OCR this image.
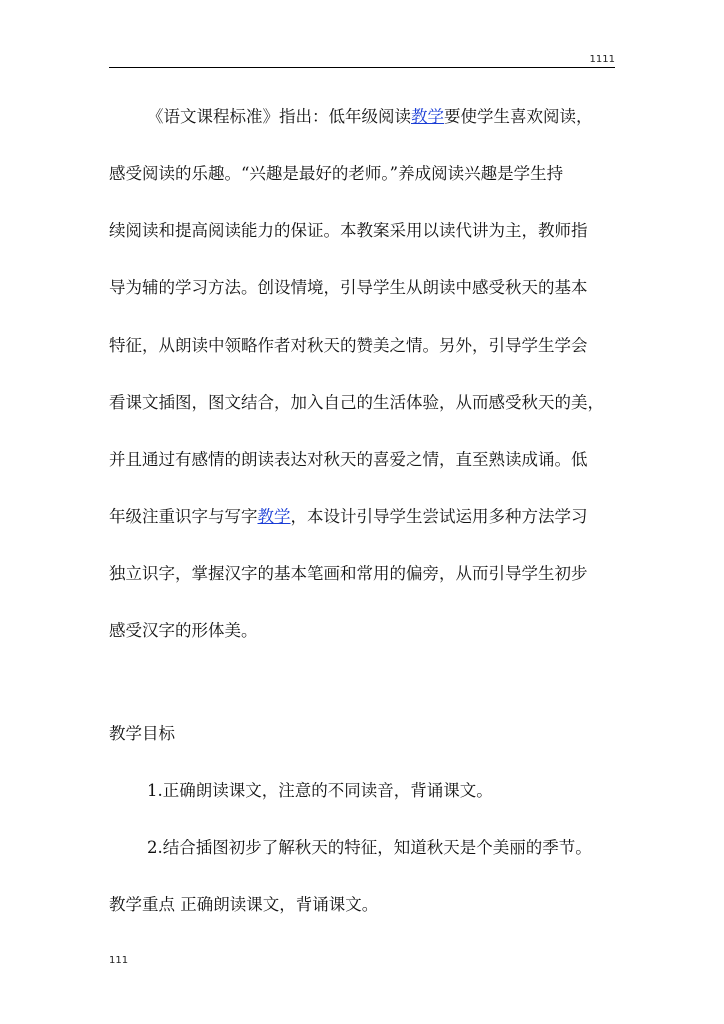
1111
《语文课程标准》指出：低年级阅读教学要使学生喜欢阅读，
感受阅读的乐趣。“兴趣是最好的老师。”养成阅读兴趣是学生持
续阅读和提高阅读能力的保证。本教案采用以读代讲为主，教师指
导为辅的学习方法。创设情境，引导学生从朗读中感受秋天的基本
特征，从朗读中领略作者对秋天的赞美之情。另外，引导学生学会
看课文插图，图文结合，加入自己的生活体验，从而感受秋天的美，
并且通过有感情的朗读表达对秋天的喜爱之情，直至熟读成诵。低
年级注重识字与写字教学，本设计引导学生尝试运用多种方法学习
独立识字，掌握汉字的基本笔画和常用的偏旁，从而引导学生初步
感受汉字的形体美。
教学目标
1.正确朗读课文，注意的不同读音，背诵课文。
2.结合插图初步了解秋天的特征，知道秋天是个美丽的季节。
教学重点 正确朗读课文，背诵课文。
111
